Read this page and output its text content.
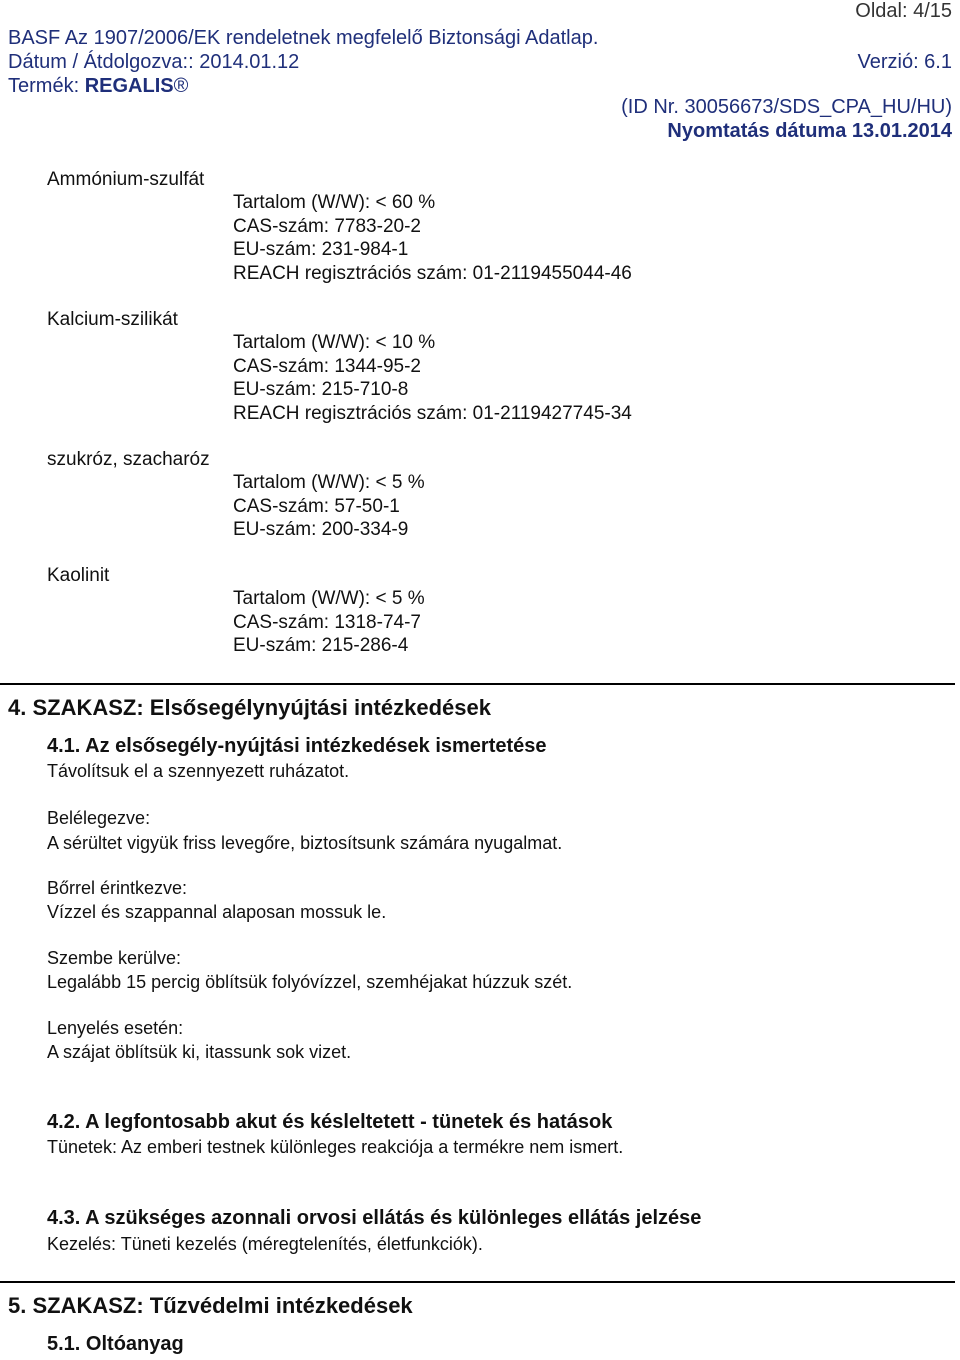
Oldal: 4/15
BASF Az 1907/2006/EK rendeletnek megfelelő Biztonsági Adatlap.
Dátum / Átdolgozva:: 2014.01.12	Verzió: 6.1
Termék: REGALIS®
(ID Nr. 30056673/SDS_CPA_HU/HU)
Nyomtatás dátuma 13.01.2014
Ammónium-szulfát
Tartalom (W/W): < 60 %
CAS-szám: 7783-20-2
EU-szám: 231-984-1
REACH regisztrációs szám: 01-2119455044-46
Kalcium-szilikát
Tartalom (W/W): < 10 %
CAS-szám: 1344-95-2
EU-szám: 215-710-8
REACH regisztrációs szám: 01-2119427745-34
szukróz, szacharóz
Tartalom (W/W): < 5 %
CAS-szám: 57-50-1
EU-szám: 200-334-9
Kaolinit
Tartalom (W/W): < 5 %
CAS-szám: 1318-74-7
EU-szám: 215-286-4
4. SZAKASZ: Elsősegélynyújtási intézkedések
4.1. Az elsősegély-nyújtási intézkedések ismertetése
Távolítsuk el a szennyezett ruházatot.
Belélegezve:
A sérültet vigyük friss levegőre, biztosítsunk számára nyugalmat.
Bőrrel érintkezve:
Vízzel és szappannal alaposan mossuk le.
Szembe kerülve:
Legalább 15 percig öblítsük folyóvízzel, szemhéjakat húzzuk szét.
Lenyelés esetén:
A szájat öblítsük ki, itassunk sok vizet.
4.2. A legfontosabb akut és késleltetett - tünetek és hatások
Tünetek: Az emberi testnek különleges reakciója a termékre nem ismert.
4.3. A szükséges azonnali orvosi ellátás és különleges ellátás jelzése
Kezelés: Tüneti kezelés (méregtelenítés, életfunkciók).
5. SZAKASZ: Tűzvédelmi intézkedések
5.1. Oltóanyag
